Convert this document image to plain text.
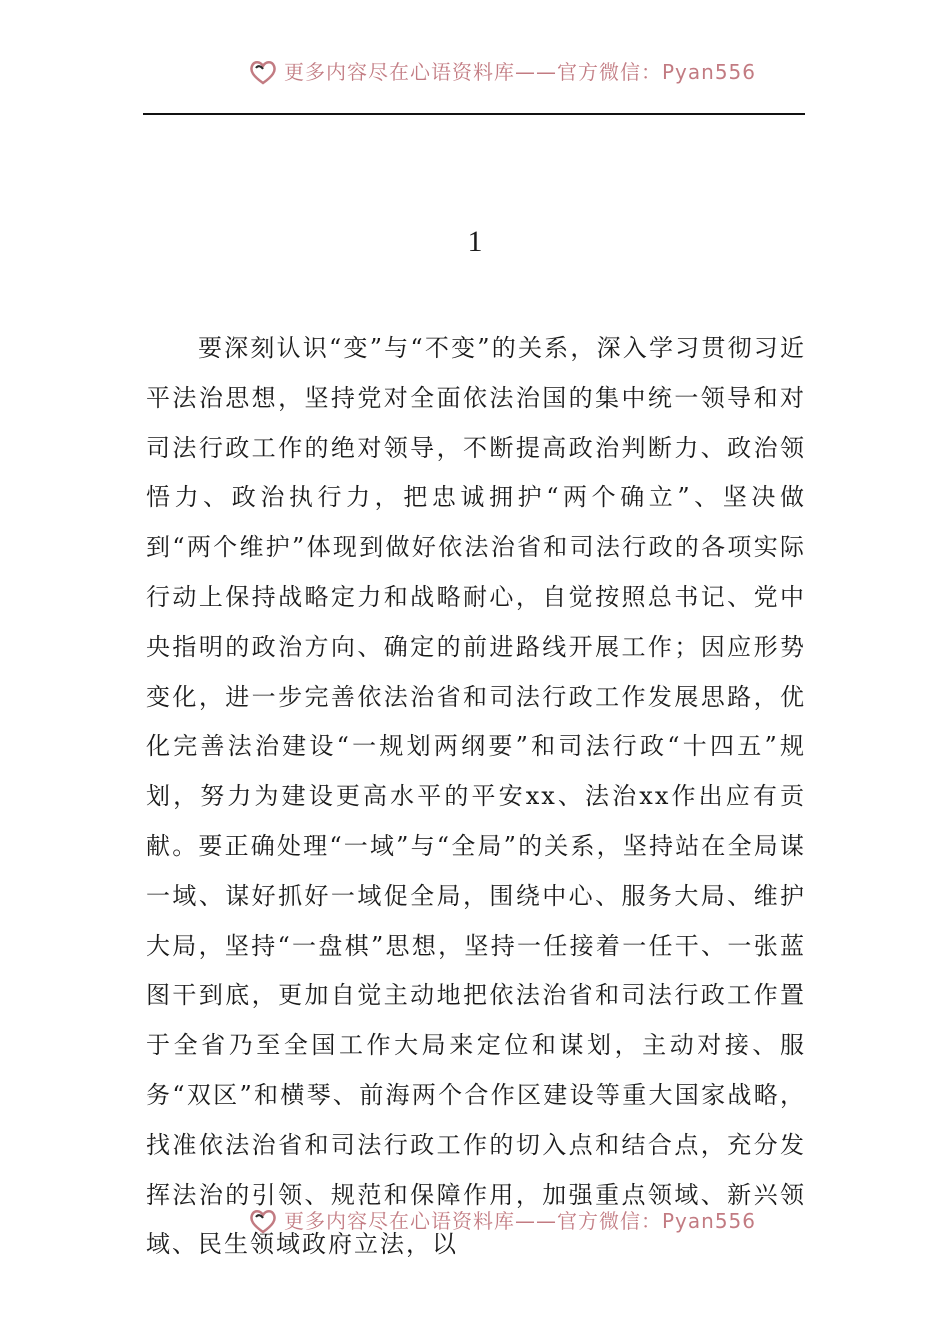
更多内容尽在心语资料库——官方微信：Pyan556
1

要深刻认识“变”与“不变”的关系，深入学习贯彻习近平法治思想，坚持党对全面依法治国的集中统一领导和对司法行政工作的绝对领导，不断提高政治判断力、政治领悟力、政治执行力，把忠诚拥护“两个确立”、坚决做到“两个维护”体现到做好依法治省和司法行政的各项实际行动上保持战略定力和战略耐心，自觉按照总书记、党中央指明的政治方向、确定的前进路线开展工作；因应形势变化，进一步完善依法治省和司法行政工作发展思路，优化完善法治建设“一规划两纲要”和司法行政“十四五”规划，努力为建设更高水平的平安xx、法治xx作出应有贡献。要正确处理“一域”与“全局”的关系，坚持站在全局谋一域、谋好抓好一域促全局，围绕中心、服务大局、维护大局，坚持“一盘棋”思想，坚持一任接着一任干、一张蓝图干到底，更加自觉主动地把依法治省和司法行政工作置于全省乃至全国工作大局来定位和谋划，主动对接、服务“双区”和横琴、前海两个合作区建设等重大国家战略，找准依法治省和司法行政工作的切入点和结合点，充分发挥法治的引领、规范和保障作用，加强重点领域、新兴领域、民生领域政府立法，以

更多内容尽在心语资料库——官方微信：Pyan556
